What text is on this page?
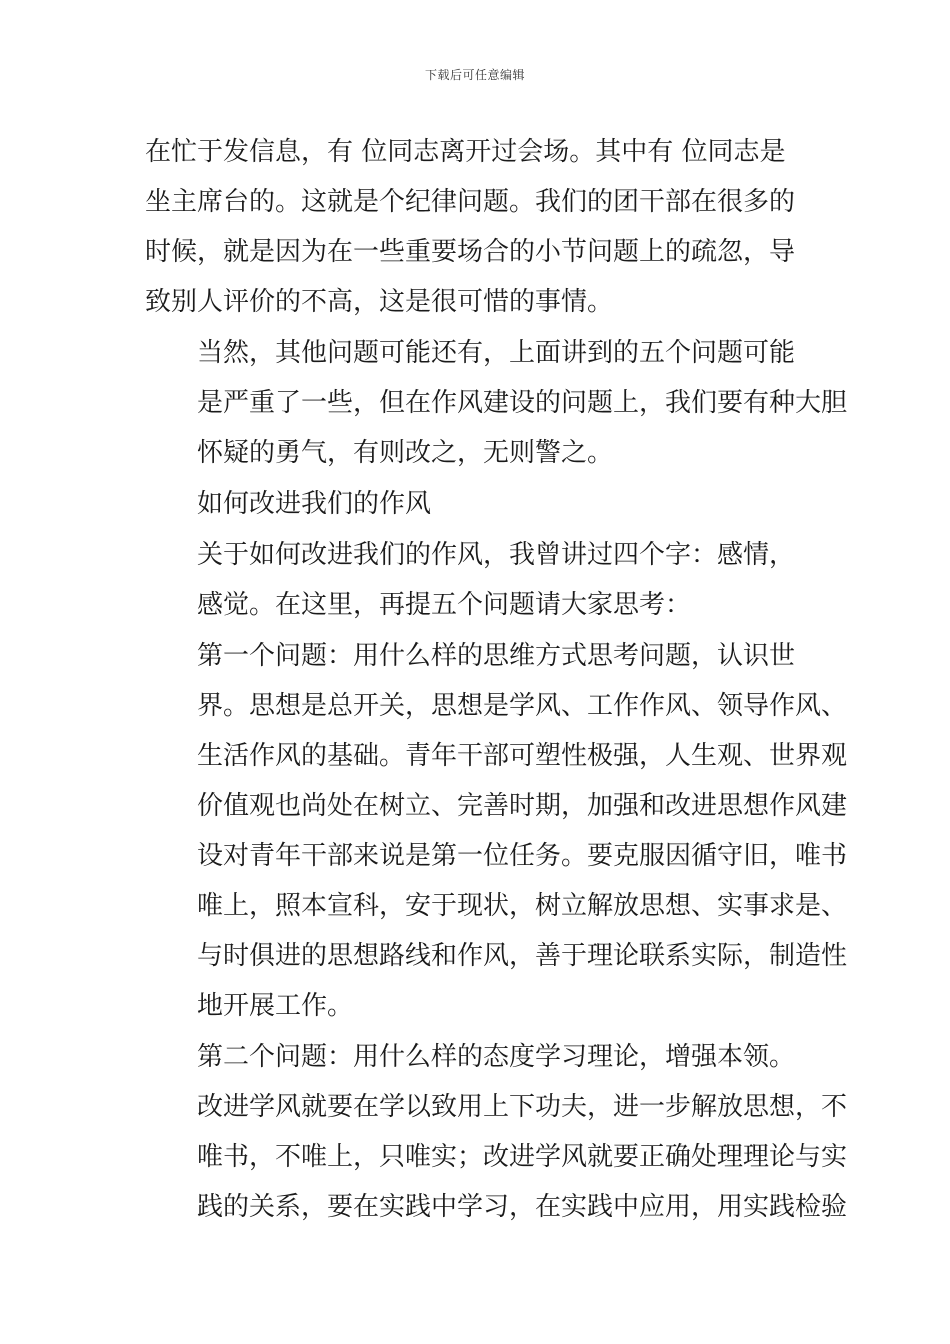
下载后可任意编辑
在忙于发信息，有 位同志离开过会场。其中有 位同志是
坐主席台的。这就是个纪律问题。我们的团干部在很多的
时候，就是因为在一些重要场合的小节问题上的疏忽，导
致别人评价的不高，这是很可惜的事情。
当然，其他问题可能还有，上面讲到的五个问题可能
是严重了一些，但在作风建设的问题上，我们要有种大胆
怀疑的勇气，有则改之，无则警之。
如何改进我们的作风
关于如何改进我们的作风，我曾讲过四个字：感情，
感觉。在这里，再提五个问题请大家思考：
第一个问题：用什么样的思维方式思考问题，认识世
界。思想是总开关，思想是学风、工作作风、领导作风、
生活作风的基础。青年干部可塑性极强，人生观、世界观
价值观也尚处在树立、完善时期，加强和改进思想作风建
设对青年干部来说是第一位任务。要克服因循守旧，唯书
唯上，照本宣科，安于现状，树立解放思想、实事求是、
与时俱进的思想路线和作风，善于理论联系实际，制造性
地开展工作。
第二个问题：用什么样的态度学习理论，增强本领。
改进学风就要在学以致用上下功夫，进一步解放思想，不
唯书，不唯上，只唯实；改进学风就要正确处理理论与实
践的关系，要在实践中学习，在实践中应用，用实践检验
